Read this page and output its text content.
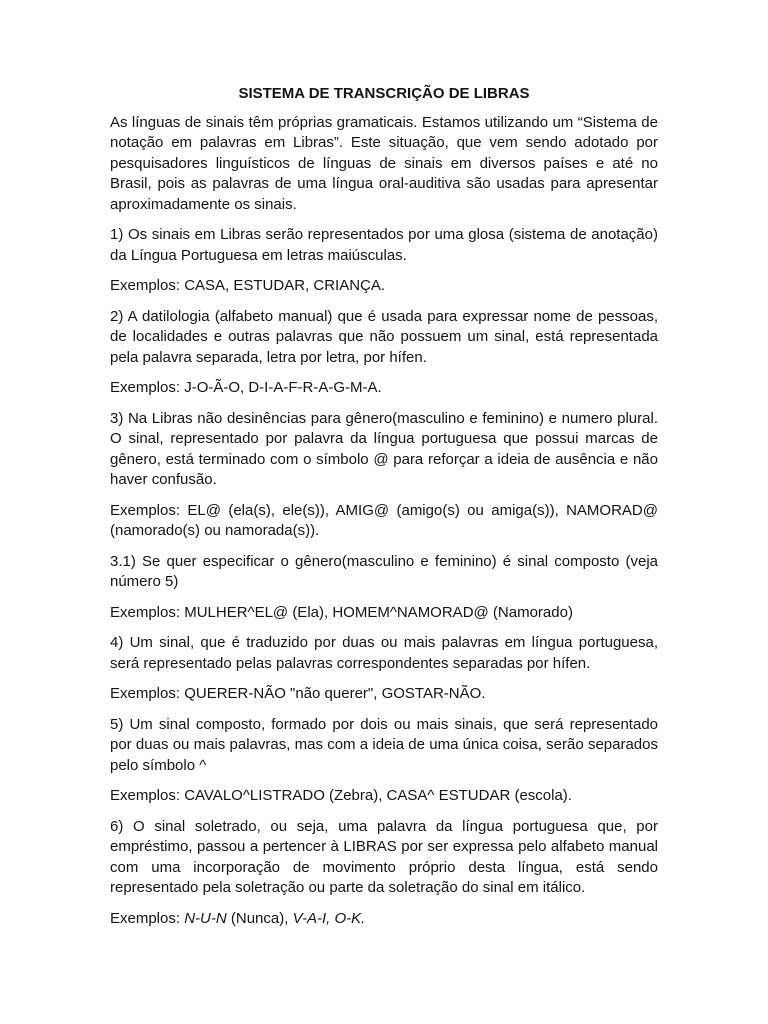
SISTEMA DE TRANSCRIÇÃO DE LIBRAS

As línguas de sinais têm próprias gramaticais. Estamos utilizando um “Sistema de notação em palavras em Libras”. Este situação, que vem sendo adotado por pesquisadores linguísticos de línguas de sinais em diversos países e até no Brasil, pois as palavras de uma língua oral-auditiva são usadas para apresentar aproximadamente os sinais.

1) Os sinais em Libras serão representados por uma glosa (sistema de anotação) da Língua Portuguesa em letras maiúsculas.

Exemplos: CASA, ESTUDAR, CRIANÇA.

2) A datilologia (alfabeto manual) que é usada para expressar nome de pessoas, de localidades e outras palavras que não possuem um sinal, está representada pela palavra separada, letra por letra, por hífen.

Exemplos: J-O-Ã-O, D-I-A-F-R-A-G-M-A.

3) Na Libras não desinências para gênero(masculino e feminino) e numero plural. O sinal, representado por palavra da língua portuguesa que possui marcas de gênero, está terminado com o símbolo @ para reforçar a ideia de ausência e não haver confusão.

Exemplos: EL@ (ela(s), ele(s)), AMIG@ (amigo(s) ou amiga(s)), NAMORAD@ (namorado(s) ou namorada(s)).

3.1) Se quer especificar o gênero(masculino e feminino) é sinal composto (veja número 5)

Exemplos: MULHER^EL@ (Ela), HOMEM^NAMORAD@ (Namorado)

4) Um sinal, que é traduzido por duas ou mais palavras em língua portuguesa, será representado pelas palavras correspondentes separadas por hífen.

Exemplos: QUERER-NÃO "não querer", GOSTAR-NÃO.

5) Um sinal composto, formado por dois ou mais sinais, que será representado por duas ou mais palavras, mas com a ideia de uma única coisa, serão separados pelo símbolo ^

Exemplos: CAVALO^LISTRADO (Zebra), CASA^ ESTUDAR (escola).

6) O sinal soletrado, ou seja, uma palavra da língua portuguesa que, por empréstimo, passou a pertencer à LIBRAS por ser expressa pelo alfabeto manual com uma incorporação de movimento próprio desta língua, está sendo representado pela soletração ou parte da soletração do sinal em itálico.

Exemplos: N-U-N (Nunca), V-A-I, O-K.
